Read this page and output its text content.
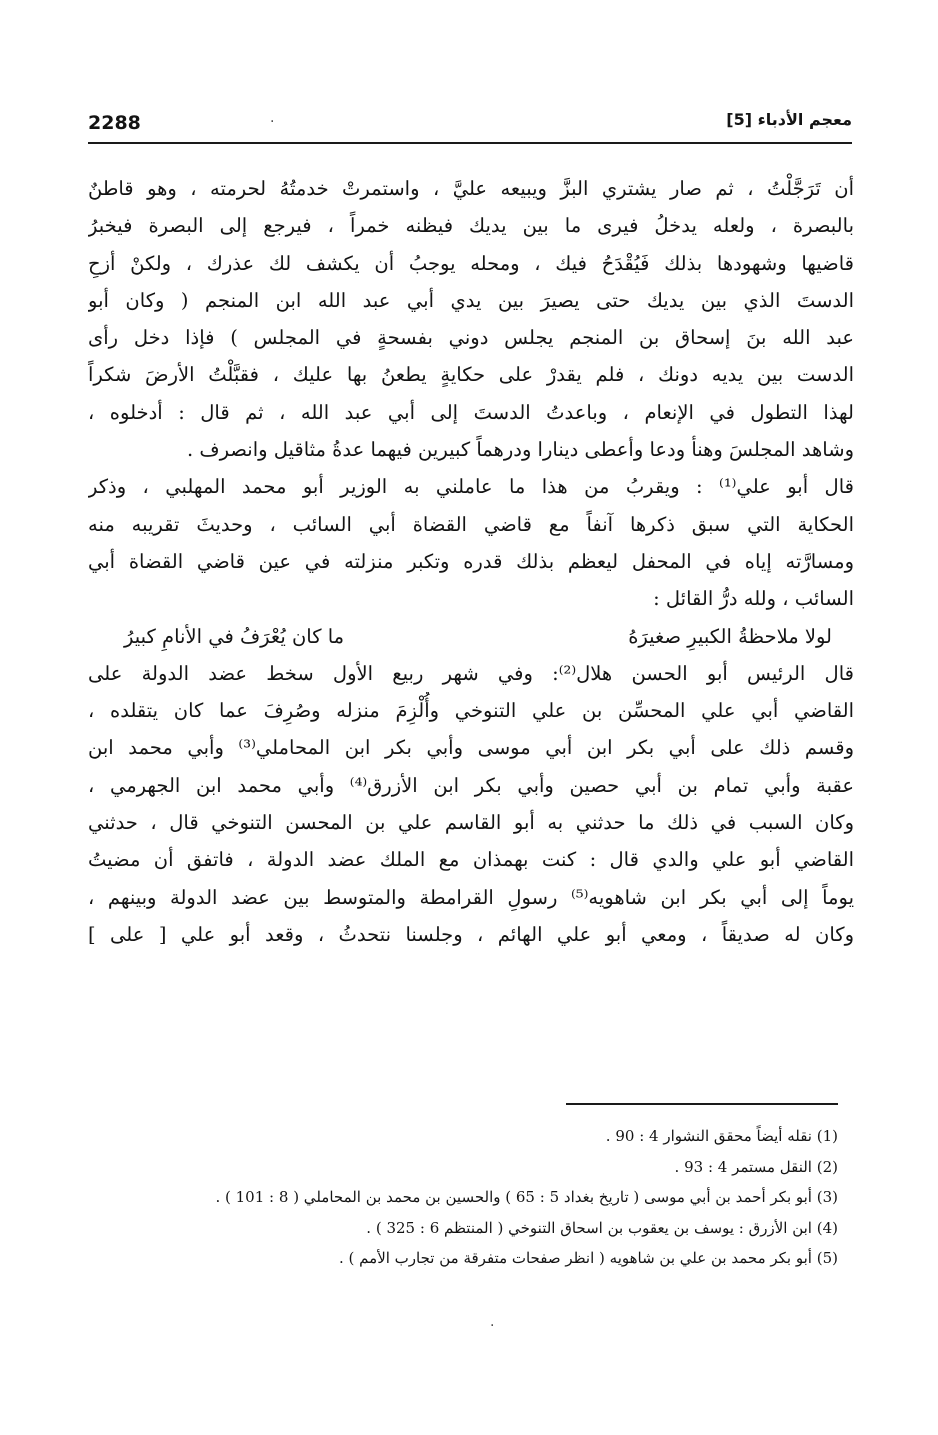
2288	معجم الأدباء [5]
أن تَرَجَّلْتُ ، ثم صار يشتري البزَّ ويبيعه عليَّ ، واستمرتْ خدمتُهُ لحرمته ، وهو قاطنٌ
بالبصرة ، ولعله يدخلُ فيرى ما بين يديك فيظنه خمراً ، فيرجع إلى البصرة فيخبرُ
قاضيها وشهودها بذلك فَيُقْدَحُ فيك ، ومحله يوجبُ أن يكشف لك عذرك ، ولكنْ أزحِ
الدستَ الذي بين يديك حتى يصيرَ بين يدي أبي عبد الله ابن المنجم ( وكان أبو
عبد الله بنَ إسحاق بن المنجم يجلس دوني بفسحةٍ في المجلس ) فإذا دخل رأى
الدست بين يديه دونك ، فلم يقدرْ على حكايةٍ يطعنُ بها عليك ، فقبَّلْتُ الأرضَ شكراً
لهذا التطول في الإنعام ، وباعدتُ الدستَ إلى أبي عبد الله ، ثم قال : أدخلوه ،
وشاهد المجلسَ وهنأ ودعا وأعطى دينارا ودرهماً كبيرين فيهما عدةُ مثاقيل وانصرف .
قال أبو علي⁽¹⁾ : ويقربُ من هذا ما عاملني به الوزير أبو محمد المهلبي ، وذكر
الحكاية التي سبق ذكرها آنفاً مع قاضي القضاة أبي السائب ، وحديثَ تقريبه منه
ومسارَّته إياه في المحفل ليعظم بذلك قدره وتكبر منزلته في عين قاضي القضاة أبي
السائب ، ولله درُّ القائل :
لولا ملاحظةُ الكبيرِ صغيرَهُ
ما كان يُعْرَفُ في الأنامِ كبيرُ
قال الرئيس أبو الحسن هلال⁽²⁾: وفي شهر ربيع الأول سخط عضد الدولة على
القاضي أبي علي المحسِّن بن علي التنوخي وأُلْزِمَ منزله وصُرِفَ عما كان يتقلده ،
وقسم ذلك على أبي بكر ابن أبي موسى وأبي بكر ابن المحاملي⁽³⁾ وأبي محمد ابن
عقبة وأبي تمام بن أبي حصين وأبي بكر ابن الأزرق⁽⁴⁾ وأبي محمد ابن الجهرمي ،
وكان السبب في ذلك ما حدثني به أبو القاسم علي بن المحسن التنوخي قال ، حدثني
القاضي أبو علي والدي قال : كنت بهمذان مع الملك عضد الدولة ، فاتفق أن مضيتُ
يوماً إلى أبي بكر ابن شاهويه⁽⁵⁾ رسولِ القرامطة والمتوسط بين عضد الدولة وبينهم ،
وكان له صديقاً ، ومعي أبو علي الهائم ، وجلسنا نتحدثُ ، وقعد أبو علي [ على ]
(1) نقله أيضاً محقق النشوار 4 : 90 .
(2) النقل مستمر 4 : 93 .
(3) أبو بكر أحمد بن أبي موسى ( تاريخ بغداد 5 : 65 ) والحسين بن محمد بن المحاملي ( 8 : 101 ) .
(4) ابن الأزرق : يوسف بن يعقوب بن اسحاق التنوخي ( المنتظم 6 : 325 ) .
(5) أبو بكر محمد بن علي بن شاهويه ( انظر صفحات متفرقة من تجارب الأمم ) .
·
·
